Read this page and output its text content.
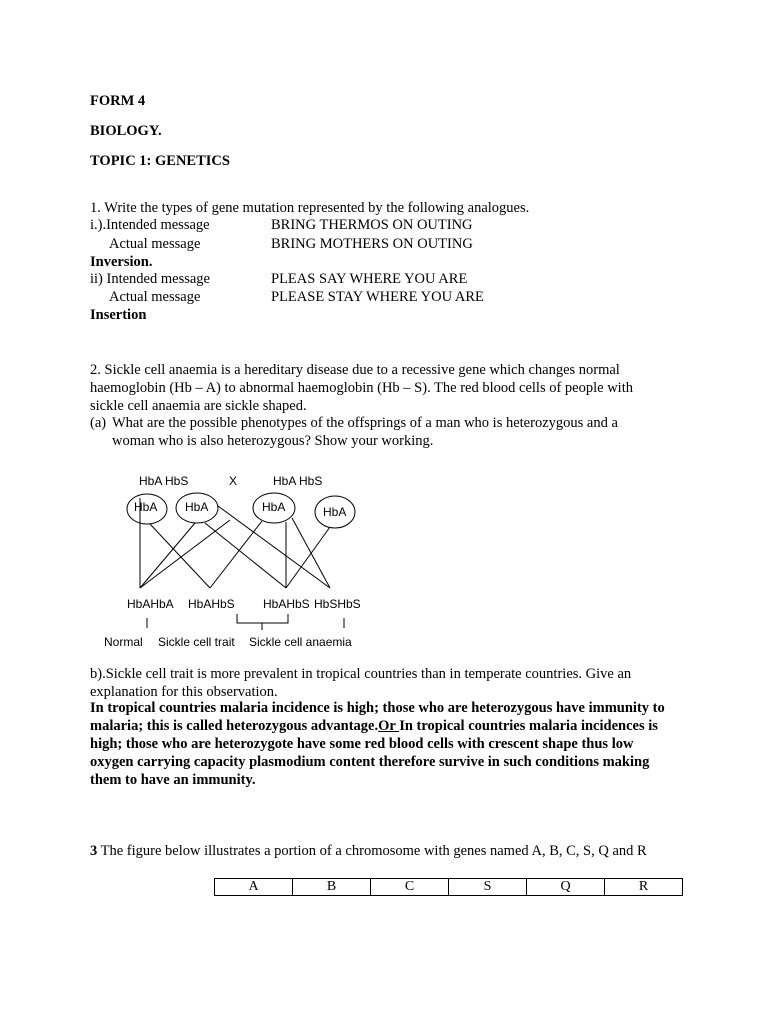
FORM 4
BIOLOGY.
TOPIC 1: GENETICS
1. Write the types of gene mutation represented by the following analogues.
i.).Intended message	BRING THERMOS ON OUTING
Actual message	BRING MOTHERS ON OUTING
Inversion.
ii) Intended message	PLEAS SAY WHERE YOU ARE
Actual message	PLEASE STAY WHERE YOU ARE
Insertion
2. Sickle cell anaemia is a hereditary disease due to a recessive gene which changes normal haemoglobin (Hb – A) to abnormal haemoglobin (Hb – S). The red blood cells of people with sickle cell anaemia are sickle shaped.
(a) What are the possible phenotypes of the offsprings of a man who is heterozygous and a woman who is also heterozygous? Show your working.
HbA HbS	X	HbA HbS
HbA HbA	HbA	HbA
HbAHbA HbAHbS HbAHbS HbSHbS
Normal Sickle cell trait Sickle cell anaemia
b).Sickle cell trait is more prevalent in tropical countries than in temperate countries. Give an explanation for this observation.
In tropical countries malaria incidence is high; those who are heterozygous have immunity to malaria; this is called heterozygous advantage.Or In tropical countries malaria incidences is high; those who are heterozygote have some red blood cells with crescent shape thus low oxygen carrying capacity plasmodium content therefore survive in such conditions making them to have an immunity.
3 The figure below illustrates a portion of a chromosome with genes named A, B, C, S, Q and R
A	B	C	S	Q	R
